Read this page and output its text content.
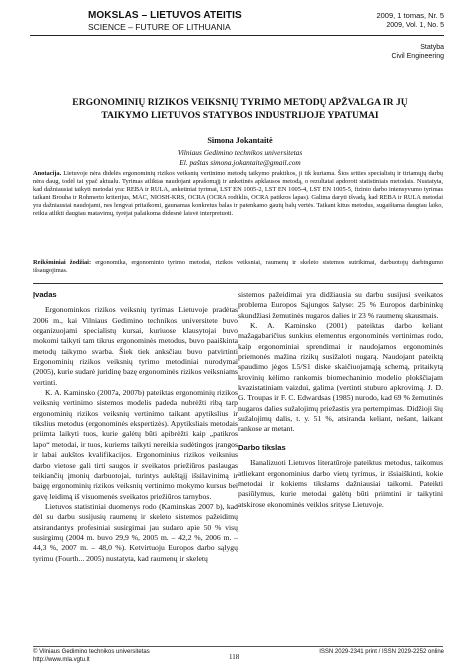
MOKSLAS – LIETUVOS ATEITIS
SCIENCE – FUTURE OF LITHUANIA
2009, 1 tomas, Nr. 5
2009, Vol. 1, No. 5
Statyba
Civil Engineering
ERGONOMINIŲ RIZIKOS VEIKSNIŲ TYRIMO METODŲ APŽVALGA IR JŲ
TAIKYMO LIETUVOS STATYBOS INDUSTRIJOJE YPATUMAI
Simona Jokantaitė
Vilniaus Gedimino technikos universitetas
El. paštas simona.jokantaite@gmail.com
Anotacija. Lietuvoje nėra didelės ergonominių rizikos veiksnių vertinimo metodų taikymo praktikos, ji tik kuriama. Šios srities specialistų ir tiriamųjų darbų nėra daug, todėl tai ypač aktualu. Tyrimas atliktas naudojant aprašomąjį ir anketinės apklausos metodą, o rezultatai apdoroti statistiniais metodais. Nustatyta, kad dažniausiai taikyti metodai yra: REBA ir RULA, anketiniai tyrimai, LST EN 1005-2, LST EN 1005-4, LST EN 1005-5, fizinio darbo intensyvumo tyrimas taikant Brouha ir Rohmerto kriterijus, MAC, NIOSH-KRS, OCRA (OCRA rodiklis, OCRA patikros lapas). Galima daryti išvadą, kad REBA ir RULA metodai yra dažniausiai naudojami, nes lengvai pritaikomi, gaunamas konkretus balas ir patenkamo gautų balų vertės. Taikant kitus metodus, sugaištama daugiau laiko, reikia atlikti daugiau matavimų, tyrėjai palaikoma didesnė laisvė interpretuoti.
Reikšminiai žodžiai: ergonomika, ergonominio tyrimo metodai, rizikos veiksniai, raumenų ir skeleto sistemos sutrikimai, darbuotojų darbingumo išsaugojimas.

Įvadas

Ergonominkos rizikos veiksnių tyrimas Lietuvoje pradėtas 2006 m., kai Vilniaus Gedimino technikos universitete buvo organizuojami specialistų kursai, kuriuose klausytojai buvo mokomi taikyti tam tikrus ergonominės metodus, buvo paaiškinta metodų taikymo svarba. Šiek tiek anksčiau buvo patvirtinti Ergonominių rizikos veiksnių tyrimo metodiniai nurodymai (2005), kurie sudarė juridinę bazę ergonominės rizikos veiksniams vertinti.

K. A. Kaminsko (2007a, 2007b) pateiktas ergonominių rizikos veiksnių vertinimo sistemos modelis padeda nubrėžti ribą tarp ergonominių rizikos veiksnių vertinimo taikant apytikslius ir tikslius metodus (ergonominės ekspertizės). Apytiksliais metodais priimta laikyti tuos, kurie galėtų būti apibrėžti kaip „patikros lapo“ metodai, ir tuos, kuriems taikyti nereikia sudėtingos įrangos ir labai aukštos kvalifikacijos. Ergonominius rizikos veiksnius darbo vietose gali tirti saugos ir sveikatos priežiūros paslaugas teikiančių įmonių darbuotojai, turintys aukštąjį išsilavinimą ir baigę ergonominių rizikos veiksnių vertinimo mokymo kursus bei gavę leidimą iš visuomenės sveikatos priežiūros tarnybos.

Lietuvos statistiniai duomenys rodo (Kaminskas 2007 b), kad dėl su darbu susijusių raumenų ir skeleto sistemos pažeidimų atsirandantys profesiniai susirgimai jau sudaro apie 50 % visų susirgimų (2004 m. buvo 29,9 %, 2005 m. – 42,2 %, 2006 m. – 44,3 %, 2007 m. – 48,0 %). Ketvirtuoju Europos darbo sąlygų tyrimu (Fourth... 2005) nustatyta, kad raumenų ir skeletų

sistemos pažeidimai yra didžiausia su darbu susijusi sveikatos problema Europos Sąjungos šalyse: 25 % Europos darbininkų skundžiasi žemutinės nugaros dalies ir 23 % raumenų skausmais.

K. A. Kaminsko (2001) pateiktas darbo keliant mažagabaričius sunkius elementus ergonominės vertinimas rodo, kaip ergonominiai sprendimai ir naudojamos ergonominės priemonės mažina rizikų susižaloti nugarą. Naudojant pateiktą spaudimo jėgos L5/S1 diske skaičiuojamąją schemą, pritaikytą krovinių kėlimo rankomis biomechaninio modelio plokščiajam kvazistatiniam vaizdui, galima (vertinti stuburo apkrovimą. J. D. G. Troupas ir F. C. Edwardsas (1985) nurodo, kad 69 % žemutinės nugaros dalies sužalojimų priežastis yra pertempimas. Didžioji šių sužalojimų dalis, t. y. 51 %, atsiranda keliant, nešant, laikant rankose ar metant.

Darbo tikslas

Išanalizuoti Lietuvos literatūroje pateiktus metodus, taikomus atliekant ergonominius darbo vietų tyrimus, ir išsiaiškinti, kokie metodai ir kokiems tikslams dažniausiai taikomi. Pateikti pasiūlymus, kurie metodai galėtų būti priimtini ir taikytini atskirose ekonominės veiklos srityse Lietuvoje.

© Vilniaus Gedimino technikos universitetas
http://www.mla.vgtu.lt	118
ISSN 2029-2341 print / ISSN 2029-2252 online
